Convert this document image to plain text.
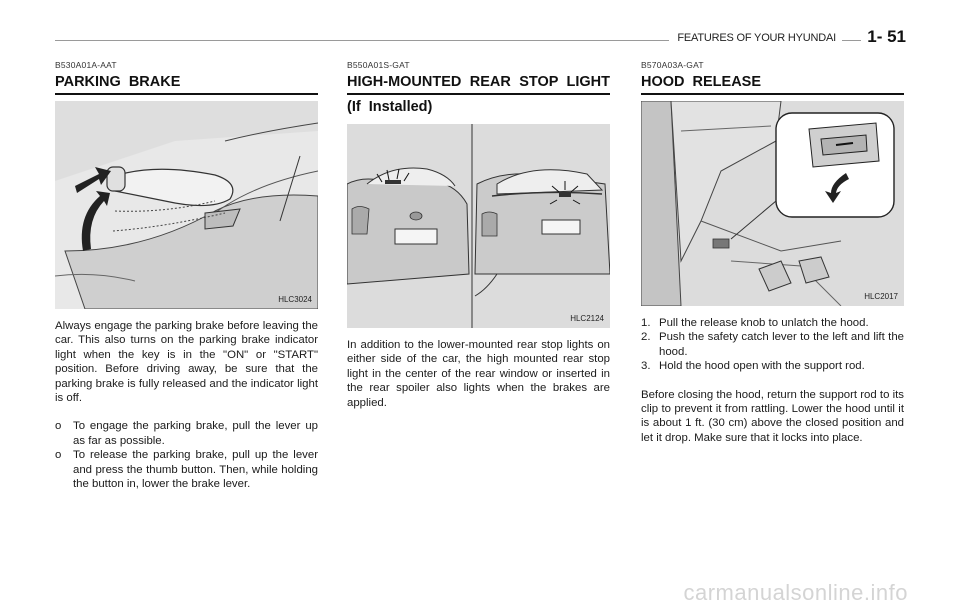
FEATURES OF YOUR HYUNDAI	1- 51
B530A01A-AAT
PARKING BRAKE
HLC3024
Always engage the parking brake before leaving the car. This also turns on the parking brake indicator light when the key is in the "ON" or "START" position. Before driving away, be sure that the parking brake is fully released and the indicator light is off.
o	To engage the parking brake, pull the lever up as far as possible.
o	To release the parking brake, pull up the lever and press the thumb button. Then, while holding the button in, lower the brake lever.
B550A01S-GAT
HIGH-MOUNTED REAR STOP LIGHT
(If Installed)
HLC2124
In addition to the lower-mounted rear stop lights on either side of the car, the high mounted rear stop light in the center of the rear window or inserted in the rear spoiler also lights when the brakes are applied.
B570A03A-GAT
HOOD RELEASE
HLC2017
1. Pull the release knob to unlatch the hood.
2. Push the safety catch lever to the left and lift the hood.
3. Hold the hood open with the support rod.
Before closing the hood, return the support rod to its clip to prevent it from rattling. Lower the hood until it is about 1 ft. (30 cm) above the closed position and let it drop. Make sure that it locks into place.
carmanualsonline.info
